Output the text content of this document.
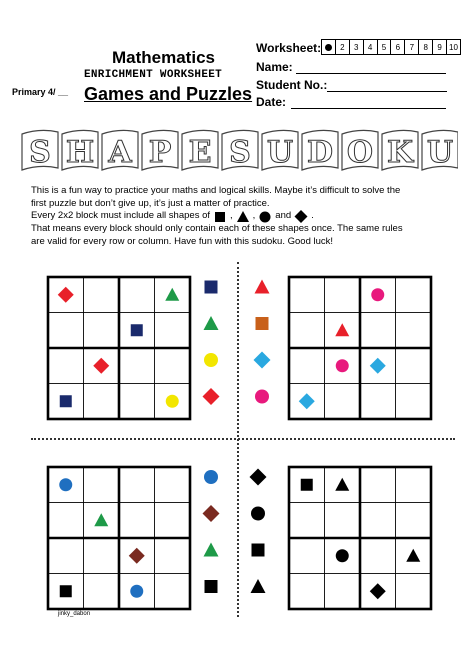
Mathematics
ENRICHMENT WORKSHEET
Games and Puzzles
Primary 4/ __
Worksheet:	2	3	4	5	6	7	8	9 10
Name:
Student No.:
Date:
S H A P E S U D O K U

This is a fun way to practice your maths and logical skills. Maybe it’s difficult to solve the

first puzzle but don’t give up, it’s just a matter of practice.

Every 2x2 block must include all shapes of , , and .

That means every block should only contain each of these shapes once. The same rules

are valid for every row or column. Have fun with this sudoku. Good luck!

jinky_dabon
